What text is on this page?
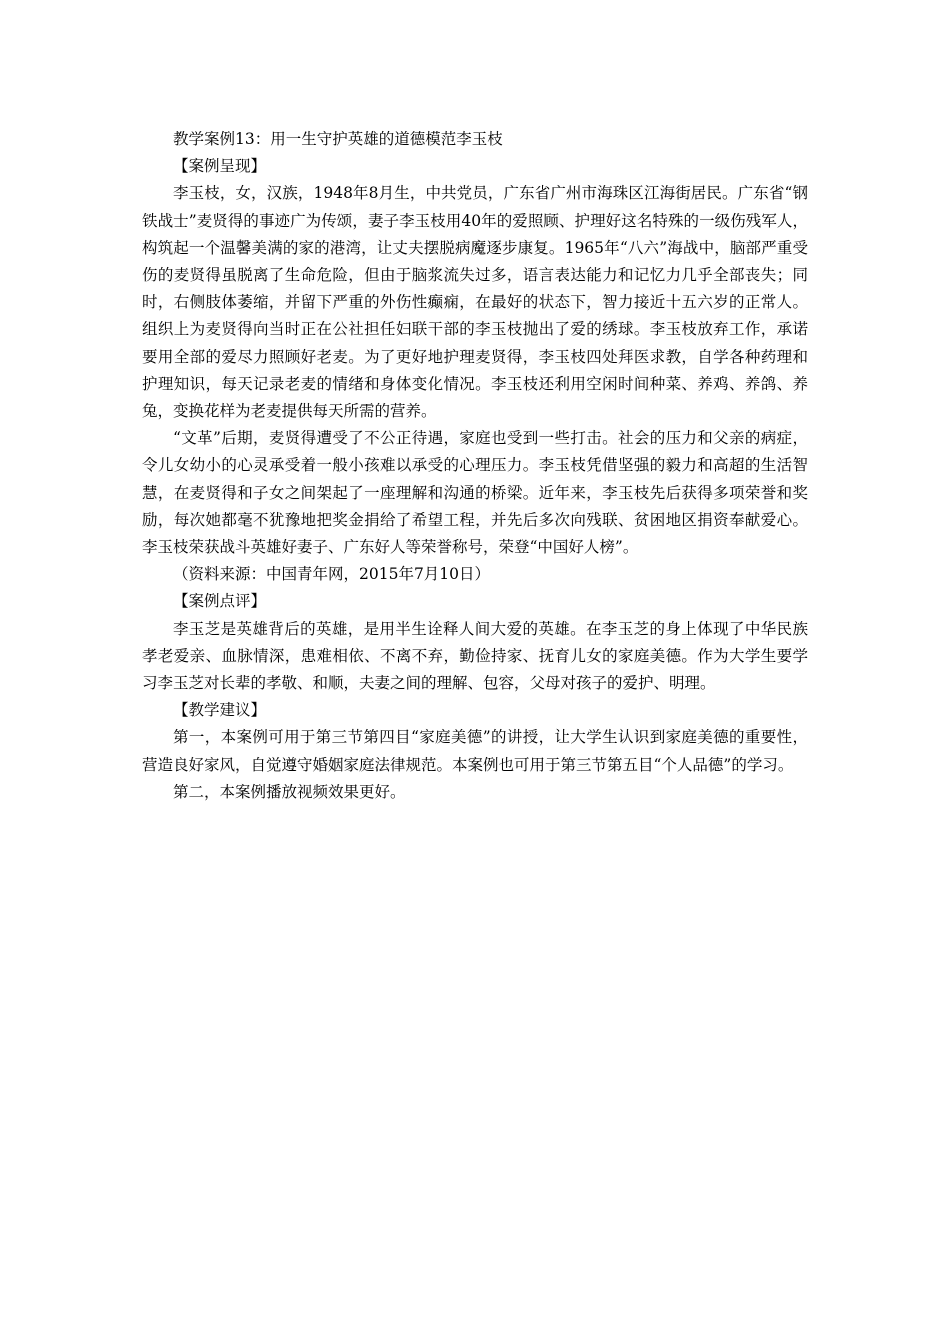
教学案例13：用一生守护英雄的道德模范李玉枝

【案例呈现】

李玉枝，女，汉族，1948年8月生，中共党员，广东省广州市海珠区江海街居民。广东省“钢铁战士”麦贤得的事迹广为传颂，妻子李玉枝用40年的爱照顾、护理好这名特殊的一级伤残军人，构筑起一个温馨美满的家的港湾，让丈夫摆脱病魔逐步康复。1965年“八六”海战中，脑部严重受伤的麦贤得虽脱离了生命危险，但由于脑浆流失过多，语言表达能力和记忆力几乎全部丧失；同时，右侧肢体萎缩，并留下严重的外伤性癫痫，在最好的状态下，智力接近十五六岁的正常人。组织上为麦贤得向当时正在公社担任妇联干部的李玉枝抛出了爱的绣球。李玉枝放弃工作，承诺要用全部的爱尽力照顾好老麦。为了更好地护理麦贤得，李玉枝四处拜医求教，自学各种药理和护理知识，每天记录老麦的情绪和身体变化情况。李玉枝还利用空闲时间种菜、养鸡、养鸽、养兔，变换花样为老麦提供每天所需的营养。

“文革”后期，麦贤得遭受了不公正待遇，家庭也受到一些打击。社会的压力和父亲的病症，令儿女幼小的心灵承受着一般小孩难以承受的心理压力。李玉枝凭借坚强的毅力和高超的生活智慧，在麦贤得和子女之间架起了一座理解和沟通的桥梁。近年来，李玉枝先后获得多项荣誉和奖励，每次她都毫不犹豫地把奖金捐给了希望工程，并先后多次向残联、贫困地区捐资奉献爱心。李玉枝荣获战斗英雄好妻子、广东好人等荣誉称号，荣登“中国好人榜”。

（资料来源：中国青年网，2015年7月10日）

【案例点评】

李玉芝是英雄背后的英雄，是用半生诠释人间大爱的英雄。在李玉芝的身上体现了中华民族孝老爱亲、血脉情深，患难相依、不离不弃，勤俭持家、抚育儿女的家庭美德。作为大学生要学习李玉芝对长辈的孝敬、和顺，夫妻之间的理解、包容，父母对孩子的爱护、明理。

【教学建议】

第一，本案例可用于第三节第四目“家庭美德”的讲授，让大学生认识到家庭美德的重要性，营造良好家风，自觉遵守婚姻家庭法律规范。本案例也可用于第三节第五目“个人品德”的学习。

第二，本案例播放视频效果更好。
